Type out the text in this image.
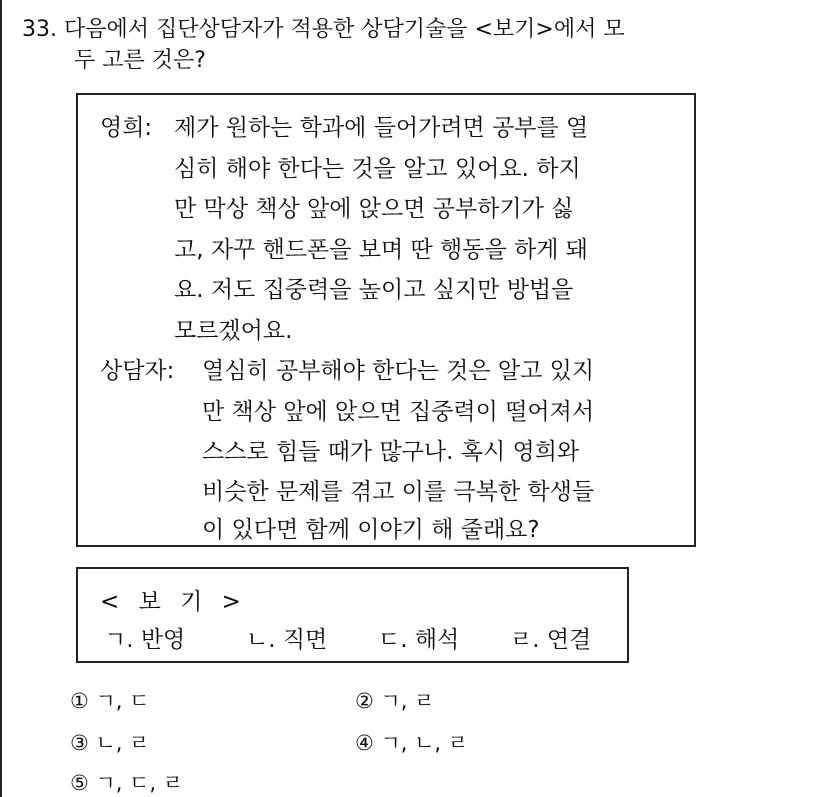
33. 다음에서 집단상담자가 적용한 상담기술을 <보기>에서 모
두 고른 것은?
영희: 제가 원하는 학과에 들어가려면 공부를 열
심히 해야 한다는 것을 알고 있어요. 하지
만 막상 책상 앞에 앉으면 공부하기가 싫
고, 자꾸 핸드폰을 보며 딴 행동을 하게 돼
요. 저도 집중력을 높이고 싶지만 방법을
모르겠어요.
상담자: 열심히 공부해야 한다는 것은 알고 있지
만 책상 앞에 앉으면 집중력이 떨어져서
스스로 힘들 때가 많구나. 혹시 영희와
비슷한 문제를 겪고 이를 극복한 학생들
이 있다면 함께 이야기 해 줄래요?
< 보 기 >
ㄱ. 반영	ㄴ. 직면 ㄷ. 해석 ㄹ. 연결
① ㄱ, ㄷ	② ㄱ, ㄹ
③ ㄴ, ㄹ	④ ㄱ, ㄴ, ㄹ
⑤ ㄱ, ㄷ, ㄹ
